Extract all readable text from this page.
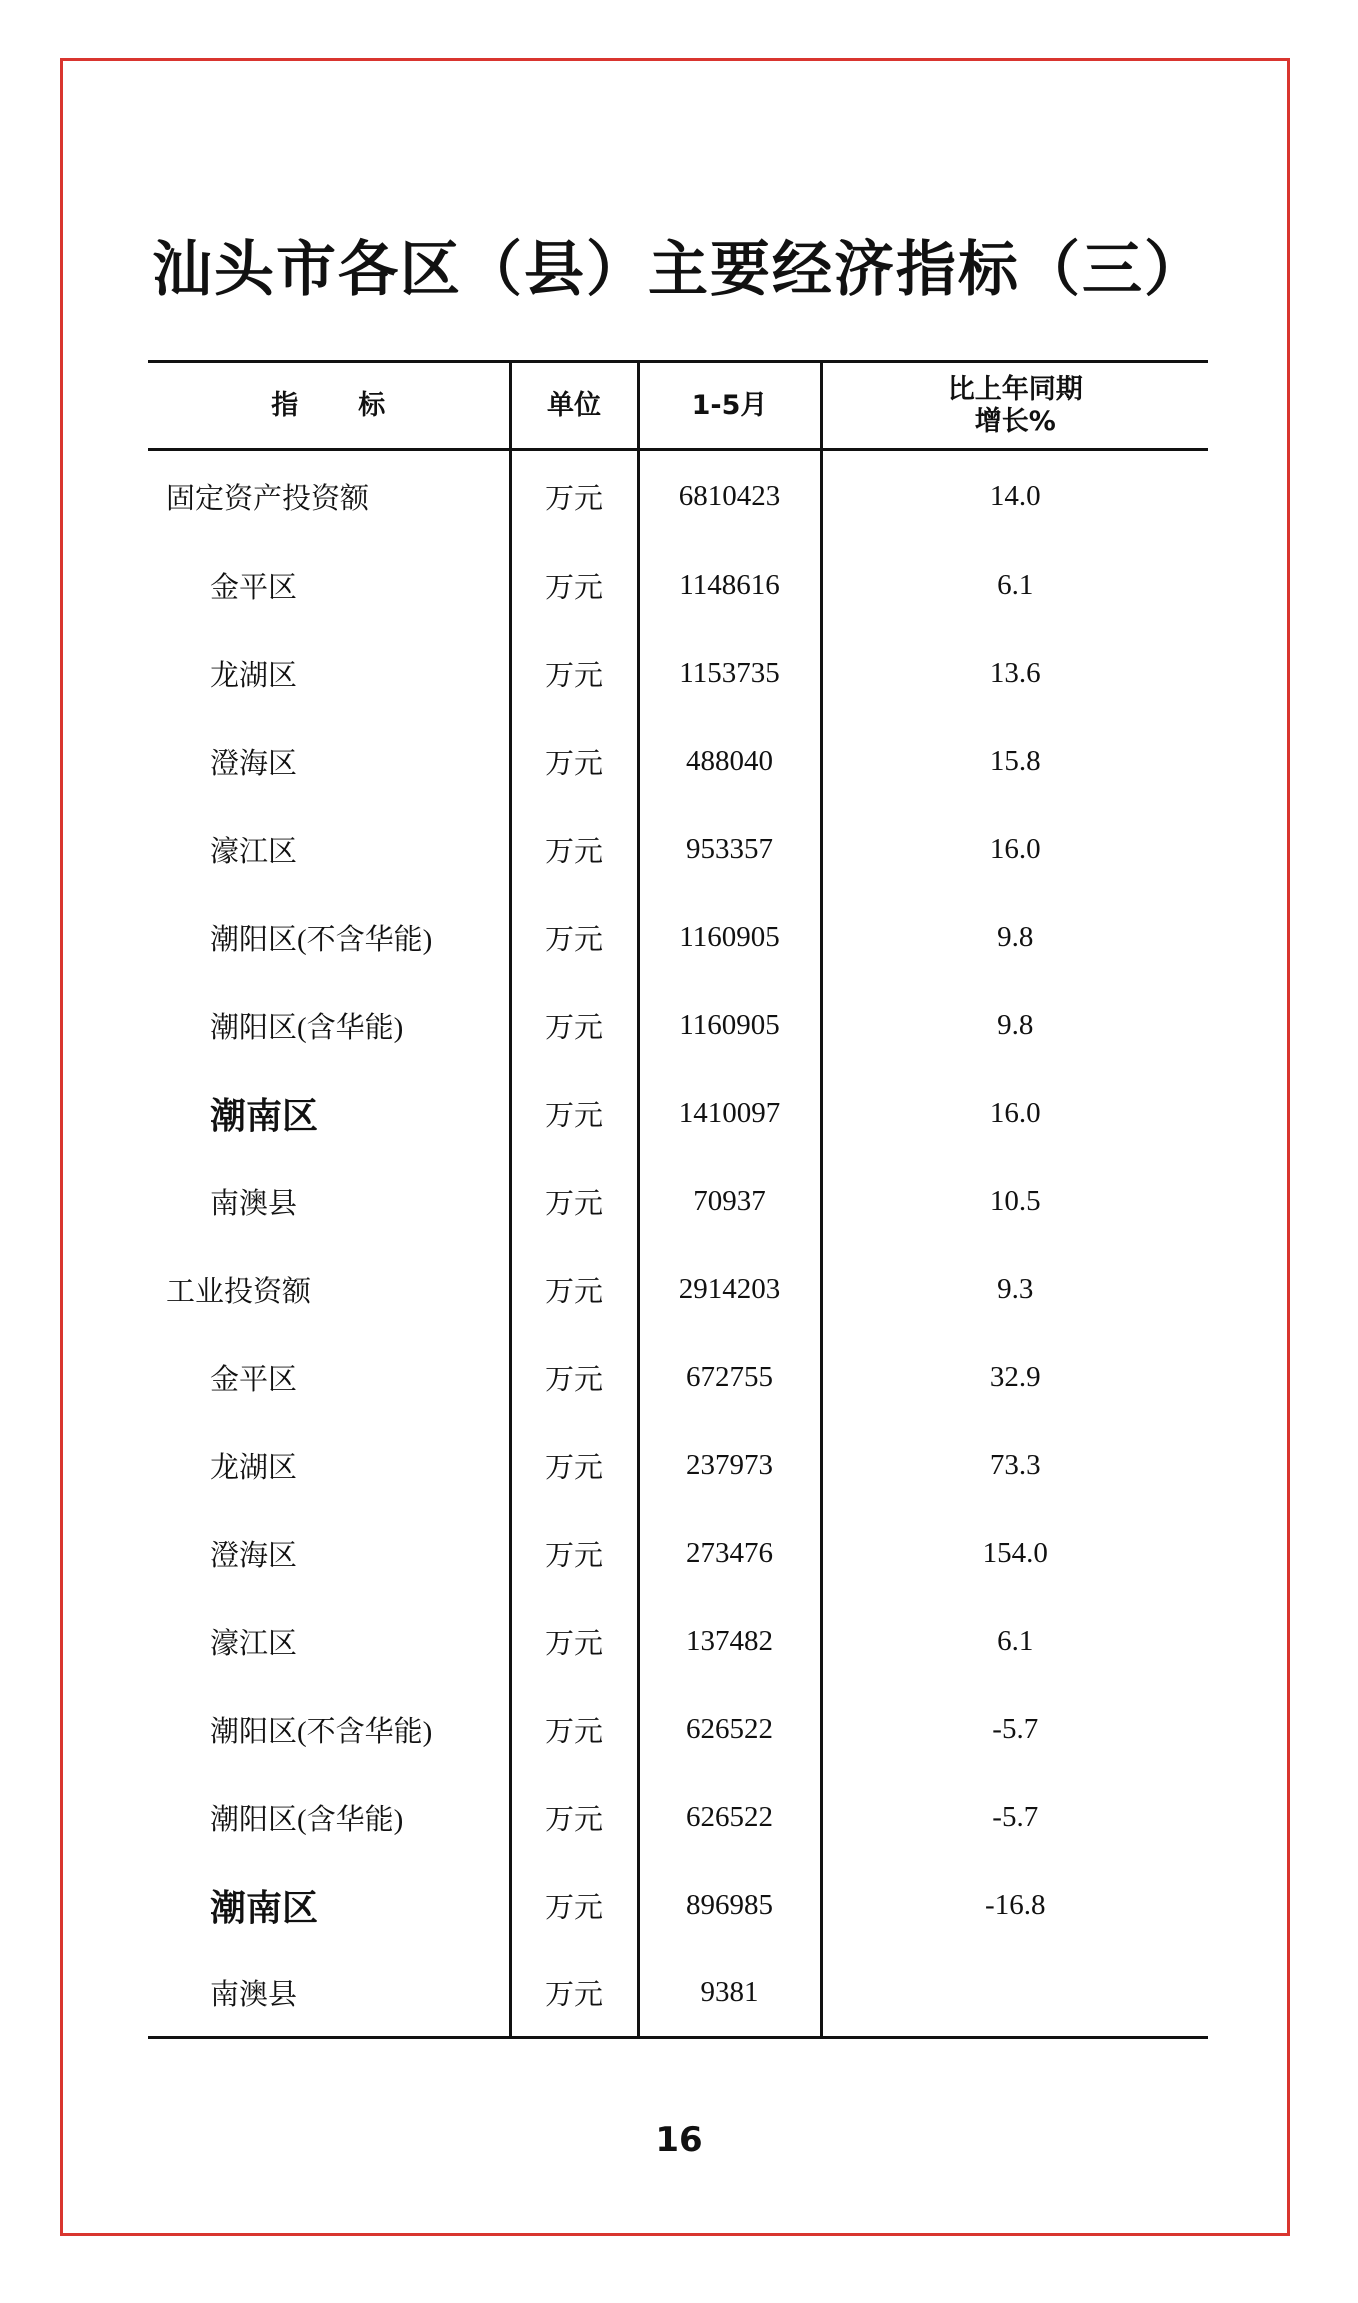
汕头市各区（县）主要经济指标（三）
指标	单位	1-5月	比上年同期
增长%

固定资产投资额	万元	6810423	14.0
金平区	万元	1148616	6.1
龙湖区	万元	1153735	13.6
澄海区	万元	488040	15.8
濠江区	万元	953357	16.0
潮阳区(不含华能)	万元	1160905	9.8
潮阳区(含华能)	万元	1160905	9.8
潮南区	万元	1410097	16.0
南澳县	万元	70937	10.5
工业投资额	万元	2914203	9.3
金平区	万元	672755	32.9
龙湖区	万元	237973	73.3
澄海区	万元	273476	154.0
濠江区	万元	137482	6.1
潮阳区(不含华能)	万元	626522	-5.7
潮阳区(含华能)	万元	626522	-5.7
潮南区	万元	896985	-16.8
南澳县	万元	9381	
16
